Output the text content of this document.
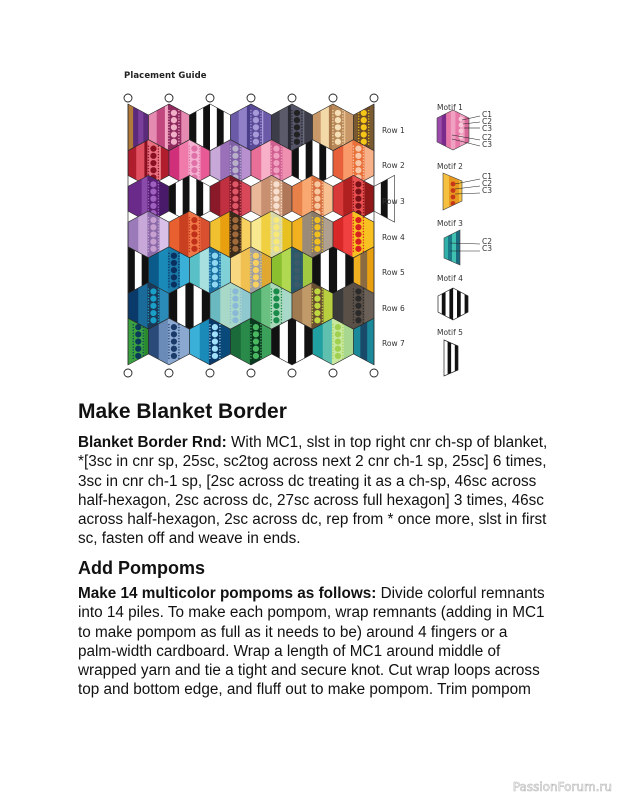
Placement Guide
Row 1
Row 2
Row 3
Row 4
Row 5
Row 6
Row 7
Motif 1
C1
C2
C3
C2
C3
Motif 2
C1
C2
C3
Motif 3
C2
C3
Motif 4
Motif 5
Make Blanket Border

Blanket Border Rnd: With MC1, slst in top right cnr ch-sp of blanket, *[3sc in cnr sp, 25sc, sc2tog across next 2 cnr ch-1 sp, 25sc] 6 times, 3sc in cnr ch-1 sp, [2sc across dc treating it as a ch-sp, 46sc across half-hexagon, 2sc across dc, 27sc across full hexagon] 3 times, 46sc across half-hexagon, 2sc across dc, rep from * once more, slst in first sc, fasten off and weave in ends.

Add Pompoms

Make 14 multicolor pompoms as follows: Divide colorful remnants into 14 piles. To make each pompom, wrap remnants (adding in MC1 to make pompom as full as it needs to be) around 4 fingers or a palm-width cardboard. Wrap a length of MC1 around middle of wrapped yarn and tie a tight and secure knot. Cut wrap loops across top and bottom edge, and fluff out to make pompom. Trim pompom

PassionForum.ru
